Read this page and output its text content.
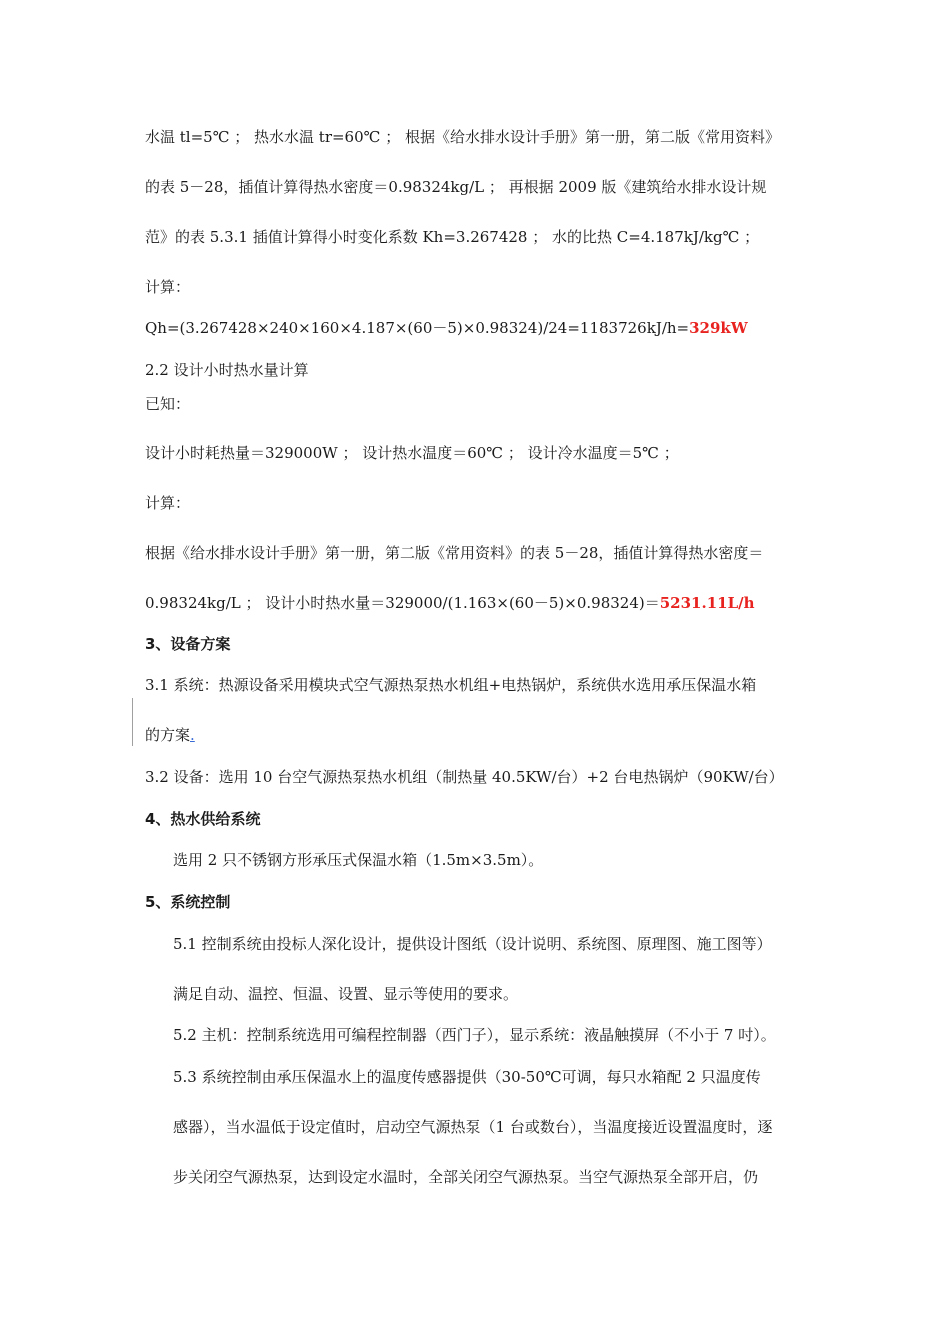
水温 tl=5℃ ； 热水水温 tr=60℃ ； 根据《给水排水设计手册》第一册，第二版《常用资料》
的表 5－28，插值计算得热水密度＝0.98324kg/L ； 再根据 2009 版《建筑给水排水设计规
范》的表 5.3.1 插值计算得小时变化系数 Kh=3.267428 ； 水的比热 C=4.187kJ/kg℃ ；
计算：
Qh=(3.267428×240×160×4.187×(60－5)×0.98324)/24=1183726kJ/h=329kW
2.2 设计小时热水量计算
已知：
设计小时耗热量＝329000W ； 设计热水温度＝60℃ ； 设计冷水温度＝5℃ ；
计算：
根据《给水排水设计手册》第一册，第二版《常用资料》的表 5－28，插值计算得热水密度＝
0.98324kg/L ； 设计小时热水量＝329000/(1.163×(60－5)×0.98324)＝5231.11L/h
3、设备方案
3.1 系统：热源设备采用模块式空气源热泵热水机组+电热锅炉，系统供水选用承压保温水箱
的方案.
3.2 设备：选用 10 台空气源热泵热水机组（制热量 40.5KW/台）+2 台电热锅炉（90KW/台）
4、热水供给系统
选用 2 只不锈钢方形承压式保温水箱（1.5m×3.5m）。
5、系统控制
5.1 控制系统由投标人深化设计，提供设计图纸（设计说明、系统图、原理图、施工图等）
满足自动、温控、恒温、设置、显示等使用的要求。
5.2 主机：控制系统选用可编程控制器（西门子），显示系统：液晶触摸屏（不小于 7 吋）。
5.3 系统控制由承压保温水上的温度传感器提供（30-50℃可调，每只水箱配 2 只温度传
感器），当水温低于设定值时，启动空气源热泵（1 台或数台），当温度接近设置温度时，逐
步关闭空气源热泵，达到设定水温时，全部关闭空气源热泵。当空气源热泵全部开启，仍
